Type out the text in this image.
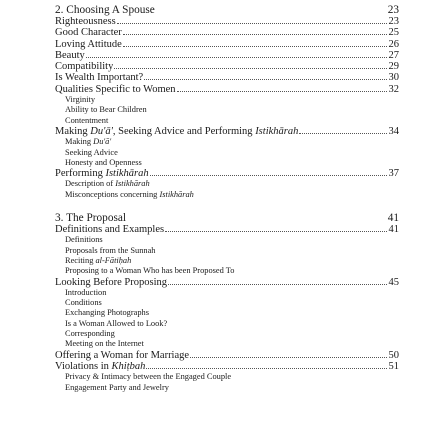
2. Choosing A Spouse	23
Righteousness	23
Good Character	25
Loving Attitude	26
Beauty	27
Compatibility	29
Is Wealth Important?	30
Qualities Specific to Women	32
Virginity
Ability to Bear Children
Contentment
Making Du'ā', Seeking Advice and Performing Istikhārah	34
Making Du'ā'
Seeking Advice
Honesty and Openness
Performing Istikhārah	37
Description of Istikhārah
Misconceptions concerning Istikhārah
3. The Proposal	41
Definitions and Examples	41
Definitions
Proposals from the Sunnah
Reciting al-Fātiḥah
Proposing to a Woman Who has been Proposed To
Looking Before Proposing	45
Introduction
Conditions
Exchanging Photographs
Is a Woman Allowed to Look?
Corresponding
Meeting on the Internet
Offering a Woman for Marriage	50
Violations in Khiṭbah	51
Privacy & Intimacy between the Engaged Couple
Engagement Party and Jewelry
